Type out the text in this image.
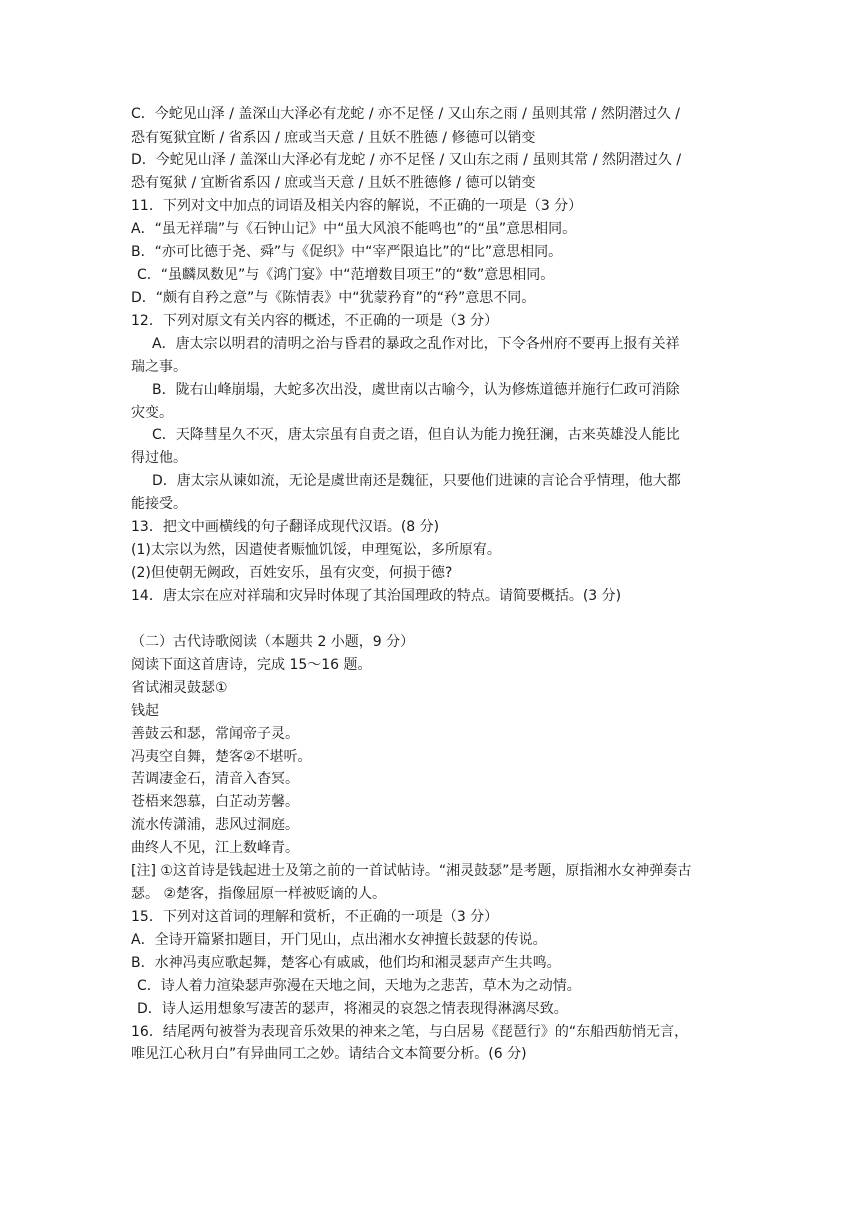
C．今蛇见山泽 / 盖深山大泽必有龙蛇 / 亦不足怪 / 又山东之雨 / 虽则其常 / 然阴潜过久 /
恐有冤狱宜断 / 省系囚 / 庶或当天意 / 且妖不胜德 / 修德可以销变
D．今蛇见山泽 / 盖深山大泽必有龙蛇 / 亦不足怪 / 又山东之雨 / 虽则其常 / 然阴潜过久 /
恐有冤狱 / 宜断省系囚 / 庶或当天意 / 且妖不胜德修 / 德可以销变
11．下列对文中加点的词语及相关内容的解说，不正确的一项是（3 分）
A．“虽无祥瑞”与《石钟山记》中“虽大风浪不能鸣也”的“虽”意思相同。
B．“亦可比德于尧、舜”与《促织》中“宰严限追比”的“比”意思相同。
C．“虽麟凤数见”与《鸿门宴》中“范增数目项王”的“数”意思相同。
D．“颇有自矜之意”与《陈情表》中“犹蒙矜育”的“矜”意思不同。
12．下列对原文有关内容的概述，不正确的一项是（3 分）
A．唐太宗以明君的清明之治与昏君的暴政之乱作对比，下令各州府不要再上报有关祥
瑞之事。
B．陇右山峰崩塌，大蛇多次出没，虞世南以古喻今，认为修炼道德并施行仁政可消除
灾变。
C．天降彗星久不灭，唐太宗虽有自责之语，但自认为能力挽狂澜，古来英雄没人能比
得过他。
D．唐太宗从谏如流，无论是虞世南还是魏征，只要他们进谏的言论合乎情理，他大都
能接受。
13．把文中画横线的句子翻译成现代汉语。(8 分)
(1)太宗以为然，因遣使者赈恤饥馁，申理冤讼，多所原宥。
(2)但使朝无阙政，百姓安乐，虽有灾变，何损于德?
14．唐太宗在应对祥瑞和灾异时体现了其治国理政的特点。请简要概括。(3 分)
（二）古代诗歌阅读（本题共 2 小题，9 分）
阅读下面这首唐诗，完成 15～16 题。
省试湘灵鼓瑟①
钱起
善鼓云和瑟，常闻帝子灵。
冯夷空自舞，楚客②不堪听。
苦调凄金石，清音入杳冥。
苍梧来怨慕，白芷动芳馨。
流水传潇浦，悲风过洞庭。
曲终人不见，江上数峰青。
[注] ①这首诗是钱起进士及第之前的一首试帖诗。“湘灵鼓瑟”是考题，原指湘水女神弹奏古
瑟。 ②楚客，指像屈原一样被贬谪的人。
15．下列对这首词的理解和赏析，不正确的一项是（3 分）
A．全诗开篇紧扣题目，开门见山，点出湘水女神擅长鼓瑟的传说。
B．水神冯夷应歌起舞，楚客心有戚戚，他们均和湘灵瑟声产生共鸣。
C．诗人着力渲染瑟声弥漫在天地之间，天地为之悲苦，草木为之动情。
D．诗人运用想象写凄苦的瑟声，将湘灵的哀怨之情表现得淋漓尽致。
16．结尾两句被誉为表现音乐效果的神来之笔，与白居易《琵琶行》的“东船西舫悄无言，
唯见江心秋月白”有异曲同工之妙。请结合文本简要分析。(6 分)
